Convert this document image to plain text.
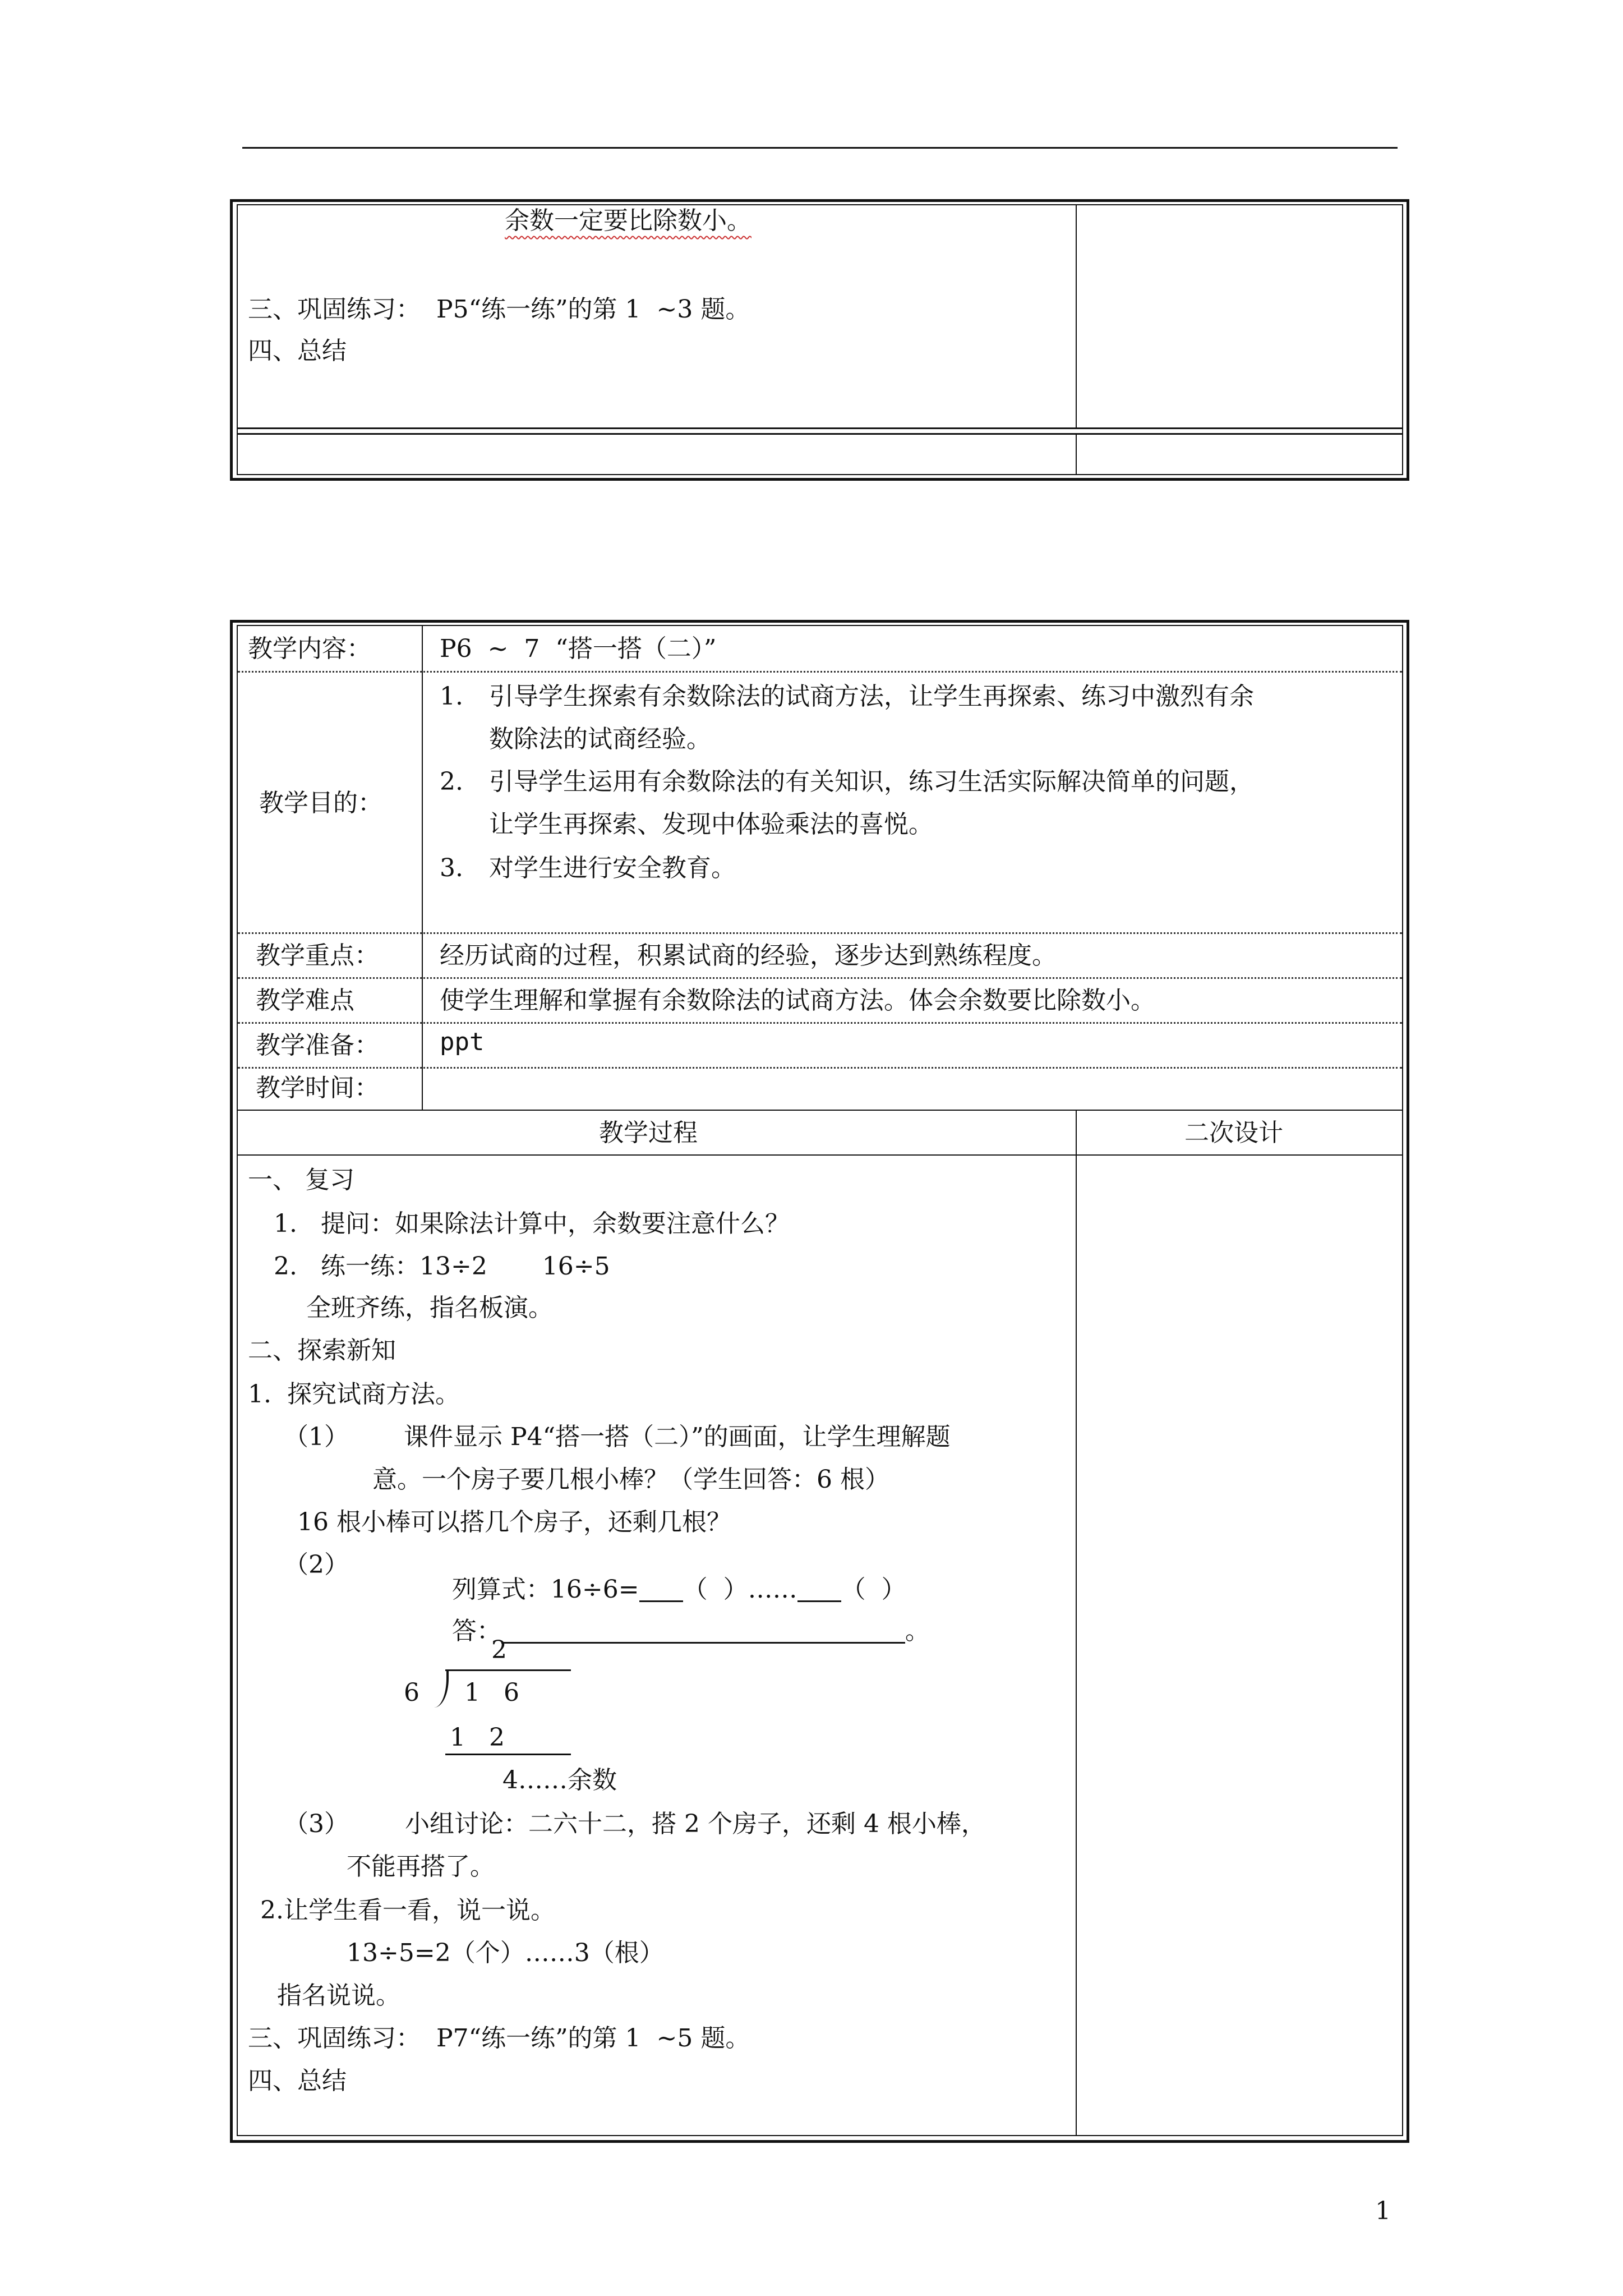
余数一定要比除数小。
三、巩固练习：  P5“练一练”的第 1  ~3 题。
四、总结
教学内容：	P6  ~  7  “搭一搭（二）”
教学目的：
1. 引导学生探索有余数除法的试商方法，让学生再探索、练习中激烈有余
数除法的试商经验。
2. 引导学生运用有余数除法的有关知识，练习生活实际解决简单的问题，
让学生再探索、发现中体验乘法的喜悦。
3. 对学生进行安全教育。
教学重点： 经历试商的过程，积累试商的经验，逐步达到熟练程度。
教学难点	使学生理解和掌握有余数除法的试商方法。体会余数要比除数小。
教学准备： ppt
教学时间：
教学过程	二次设计
一、 复习
1. 提问：如果除法计算中，余数要注意什么？
2. 练一练：13÷2       16÷5
全班齐练，指名板演。
二、探索新知
1.  探究试商方法。
（1） 课件显示 P4“搭一搭（二）”的画面，让学生理解题
意。一个房子要几根小棒？（学生回答：6 根）
16 根小棒可以搭几个房子，还剩几根？
（2）

列算式：16÷6= （  ）…… （  ）

答：	。

2
6 1   6
1   2
4……余数
（3） 小组讨论：二六十二，搭 2 个房子，还剩 4 根小棒，
不能再搭了。
2.让学生看一看，说一说。
13÷5=2（个）……3（根）
指名说说。
三、巩固练习：  P7“练一练”的第 1  ~5 题。
四、总结
1
